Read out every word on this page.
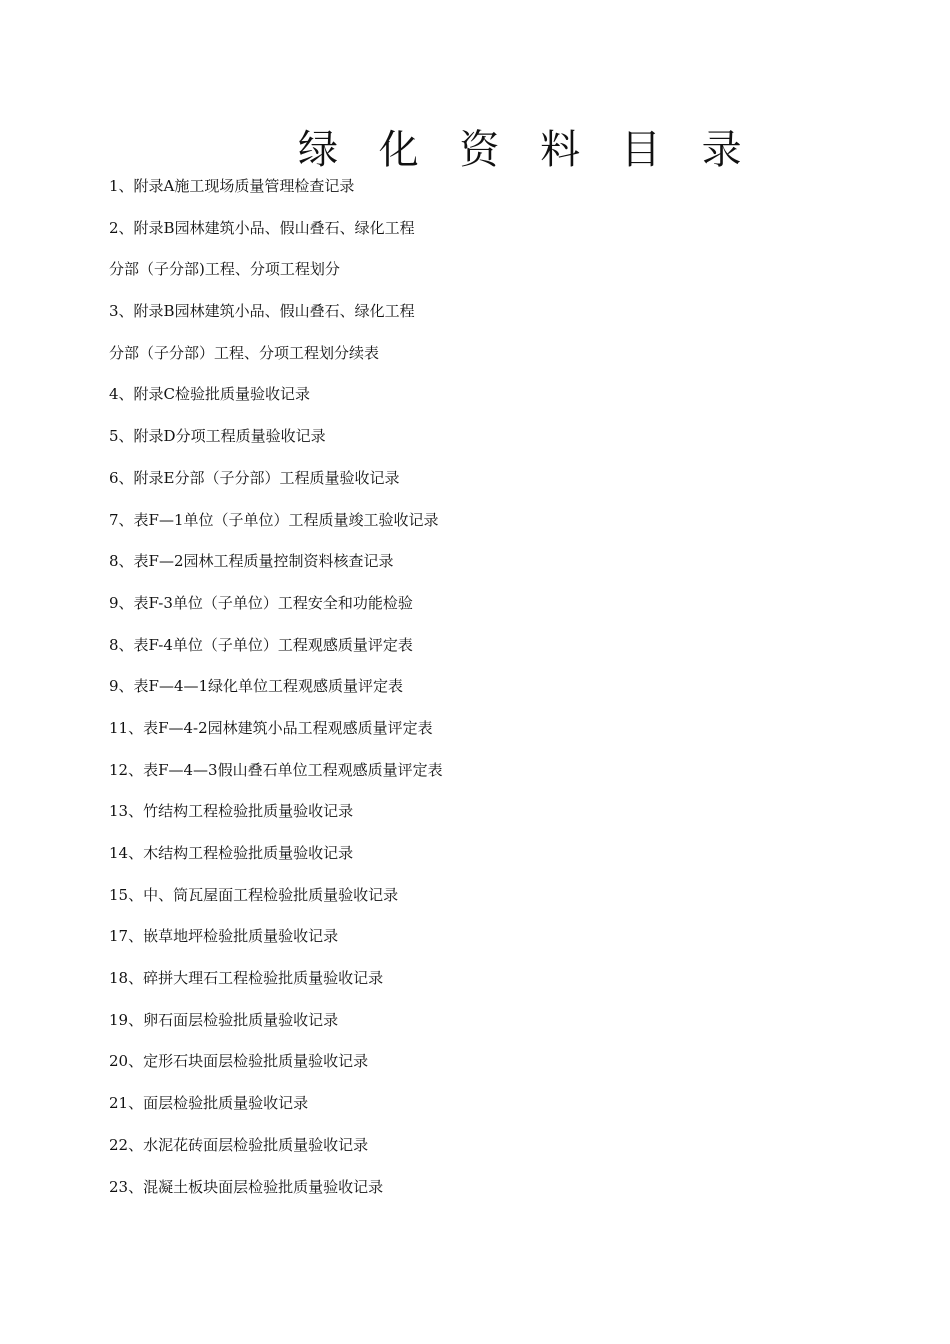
绿 化 资 料 目 录
1、附录A施工现场质量管理检查记录
2、附录B园林建筑小品、假山叠石、绿化工程
分部（子分部)工程、分项工程划分
3、附录B园林建筑小品、假山叠石、绿化工程
分部（子分部）工程、分项工程划分续表
4、附录C检验批质量验收记录
5、附录D分项工程质量验收记录
6、附录E分部（子分部）工程质量验收记录
7、表F—1单位（子单位）工程质量竣工验收记录
8、表F—2园林工程质量控制资料核查记录
9、表F-3单位（子单位）工程安全和功能检验
8、表F-4单位（子单位）工程观感质量评定表
9、表F—4—1绿化单位工程观感质量评定表
11、表F—4-2园林建筑小品工程观感质量评定表
12、表F—4—3假山叠石单位工程观感质量评定表
13、竹结构工程检验批质量验收记录
14、木结构工程检验批质量验收记录
15、中、筒瓦屋面工程检验批质量验收记录
17、嵌草地坪检验批质量验收记录
18、碎拼大理石工程检验批质量验收记录
19、卵石面层检验批质量验收记录
20、定形石块面层检验批质量验收记录
21、面层检验批质量验收记录
22、水泥花砖面层检验批质量验收记录
23、混凝土板块面层检验批质量验收记录
